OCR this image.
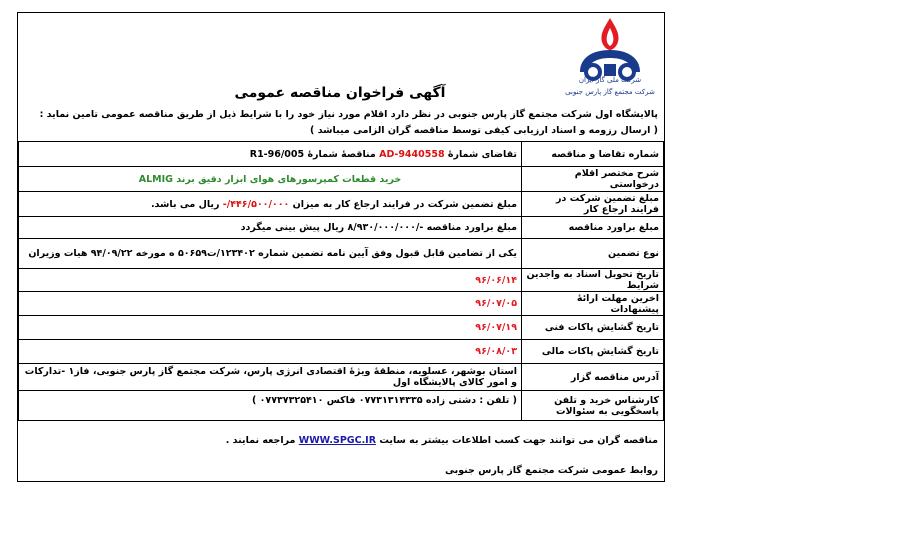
شرکت ملی گاز ایران
شرکت مجتمع گاز پارس جنوبی
آگهی فراخوان مناقصه عمومی
پالایشگاه اول شرکت مجتمع گاز پارس جنوبی در نظر دارد اقلام مورد نیاز خود را با شرایط ذیل از طریق مناقصه عمومی تامین نماید :
( ارسال رزومه و اسناد ارزیابی کیفی توسط مناقصه گران الزامی میباشد )
شماره تقاضا و مناقصه	تقاضای شمارهٔ 9440558-AD مناقصهٔ شمارهٔ R1-96/005
شرح مختصر اقلام درخواستی	خرید قطعات کمپرسورهای هوای ابزار دقیق برند ALMIG
مبلغ تضمین شرکت در فرایند ارجاع کار	مبلغ تضمین شرکت در فرایند ارجاع کار به میزان ۴۴۶/۵۰۰/۰۰۰/- ریال می باشد.
مبلغ براورد مناقصه	مبلغ براورد مناقصه -/۸/۹۳۰/۰۰۰/۰۰۰ ریال پیش بینی میگردد
نوع تضمین	یکی از تضامین قابل قبول وفق آیین نامه تضمین شماره ۱۲۳۴۰۲/ت۵۰۶۵۹ ه مورخه ۹۴/۰۹/۲۲ هیات وزیران
تاریخ تحویل اسناد به واجدین شرایط	۹۶/۰۶/۱۴
اخرین مهلت ارائهٔ پیشنهادات	۹۶/۰۷/۰۵
تاریخ گشایش پاکات فنی	۹۶/۰۷/۱۹
تاریخ گشایش پاکات مالی	۹۶/۰۸/۰۳
آدرس مناقصه گزار	استان بوشهر، عسلویه، منطقهٔ ویژهٔ اقتصادی انرژی پارس، شرکت مجتمع گاز پارس جنوبی، فاز۱ -تدارکات و امور کالای پالایشگاه اول
کارشناس خرید و تلفن پاسخگویی به سئوالات	( تلفن : دشتی زاده ۰۷۷۳۱۳۱۴۳۳۵ فاکس ۰۷۷۳۷۳۲۵۴۱۰ )
مناقصه گران می توانند جهت کسب اطلاعات بیشتر به سایت WWW.SPGC.IR مراجعه نمایند .
روابط عمومی شرکت مجتمع گاز پارس جنوبی
